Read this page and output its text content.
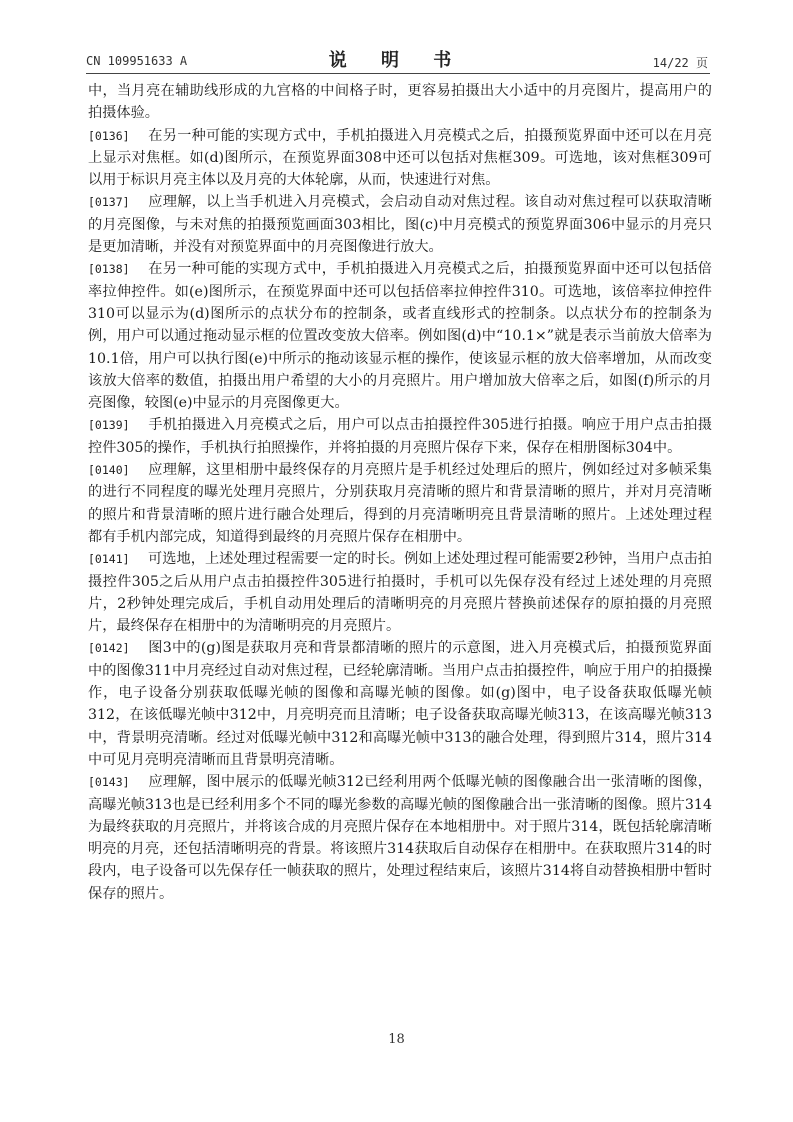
CN 109951633 A	说 明 书	14/22 页

中，当月亮在辅助线形成的九宫格的中间格子时，更容易拍摄出大小适中的月亮图片，提高用户的拍摄体验。

[0136] 在另一种可能的实现方式中，手机拍摄进入月亮模式之后，拍摄预览界面中还可以在月亮上显示对焦框。如(d)图所示，在预览界面308中还可以包括对焦框309。可选地，该对焦框309可以用于标识月亮主体以及月亮的大体轮廓，从而，快速进行对焦。

[0137] 应理解，以上当手机进入月亮模式，会启动自动对焦过程。该自动对焦过程可以获取清晰的月亮图像，与未对焦的拍摄预览画面303相比，图(c)中月亮模式的预览界面306中显示的月亮只是更加清晰，并没有对预览界面中的月亮图像进行放大。

[0138] 在另一种可能的实现方式中，手机拍摄进入月亮模式之后，拍摄预览界面中还可以包括倍率拉伸控件。如(e)图所示，在预览界面中还可以包括倍率拉伸控件310。可选地，该倍率拉伸控件310可以显示为(d)图所示的点状分布的控制条，或者直线形式的控制条。以点状分布的控制条为例，用户可以通过拖动显示框的位置改变放大倍率。例如图(d)中“10.1×”就是表示当前放大倍率为10.1倍，用户可以执行图(e)中所示的拖动该显示框的操作，使该显示框的放大倍率增加，从而改变该放大倍率的数值，拍摄出用户希望的大小的月亮照片。用户增加放大倍率之后，如图(f)所示的月亮图像，较图(e)中显示的月亮图像更大。

[0139] 手机拍摄进入月亮模式之后，用户可以点击拍摄控件305进行拍摄。响应于用户点击拍摄控件305的操作，手机执行拍照操作，并将拍摄的月亮照片保存下来，保存在相册图标304中。

[0140] 应理解，这里相册中最终保存的月亮照片是手机经过处理后的照片，例如经过对多帧采集的进行不同程度的曝光处理月亮照片，分别获取月亮清晰的照片和背景清晰的照片，并对月亮清晰的照片和背景清晰的照片进行融合处理后，得到的月亮清晰明亮且背景清晰的照片。上述处理过程都有手机内部完成，知道得到最终的月亮照片保存在相册中。

[0141] 可选地，上述处理过程需要一定的时长。例如上述处理过程可能需要2秒钟，当用户点击拍摄控件305之后从用户点击拍摄控件305进行拍摄时，手机可以先保存没有经过上述处理的月亮照片，2秒钟处理完成后，手机自动用处理后的清晰明亮的月亮照片替换前述保存的原拍摄的月亮照片，最终保存在相册中的为清晰明亮的月亮照片。

[0142] 图3中的(g)图是获取月亮和背景都清晰的照片的示意图，进入月亮模式后，拍摄预览界面中的图像311中月亮经过自动对焦过程，已经轮廓清晰。当用户点击拍摄控件，响应于用户的拍摄操作，电子设备分别获取低曝光帧的图像和高曝光帧的图像。如(g)图中，电子设备获取低曝光帧312，在该低曝光帧中312中，月亮明亮而且清晰；电子设备获取高曝光帧313，在该高曝光帧313中，背景明亮清晰。经过对低曝光帧中312和高曝光帧中313的融合处理，得到照片314，照片314中可见月亮明亮清晰而且背景明亮清晰。

[0143] 应理解，图中展示的低曝光帧312已经利用两个低曝光帧的图像融合出一张清晰的图像，高曝光帧313也是已经利用多个不同的曝光参数的高曝光帧的图像融合出一张清晰的图像。照片314为最终获取的月亮照片，并将该合成的月亮照片保存在本地相册中。对于照片314，既包括轮廓清晰明亮的月亮，还包括清晰明亮的背景。将该照片314获取后自动保存在相册中。在获取照片314的时段内，电子设备可以先保存任一帧获取的照片，处理过程结束后，该照片314将自动替换相册中暂时保存的照片。

18
